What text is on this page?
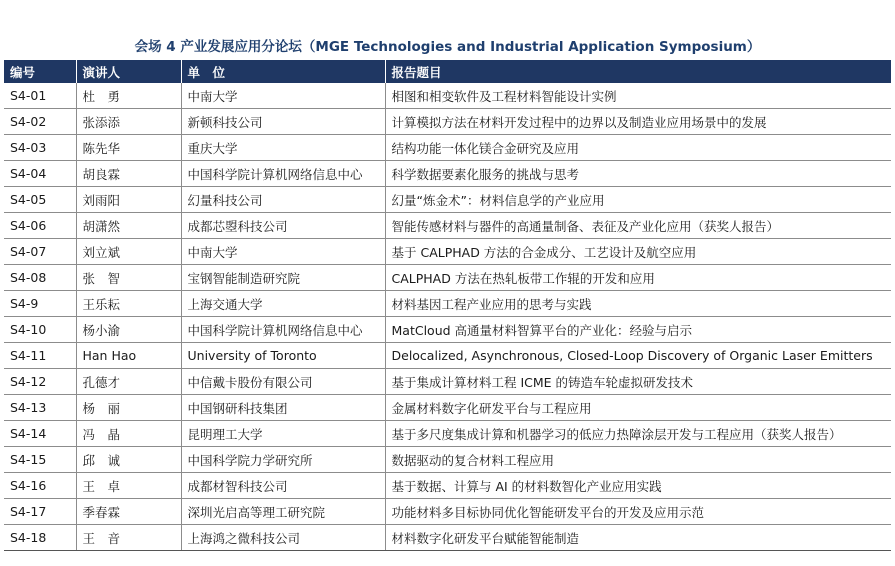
会场 4 产业发展应用分论坛（MGE Technologies and Industrial Application Symposium）
编号	演讲人	单　位	报告题目
S4-01	杜　勇	中南大学	相图和相变软件及工程材料智能设计实例
S4-02	张添添	新顿科技公司	计算模拟方法在材料开发过程中的边界以及制造业应用场景中的发展
S4-03	陈先华	重庆大学	结构功能一体化镁合金研究及应用
S4-04	胡良霖	中国科学院计算机网络信息中心	科学数据要素化服务的挑战与思考
S4-05	刘雨阳	幻量科技公司	幻量“炼金术”：材料信息学的产业应用
S4-06	胡潇然	成都芯曌科技公司	智能传感材料与器件的高通量制备、表征及产业化应用（获奖人报告）
S4-07	刘立斌	中南大学	基于 CALPHAD 方法的合金成分、工艺设计及航空应用
S4-08	张　智	宝钢智能制造研究院	CALPHAD 方法在热轧板带工作辊的开发和应用
S4-9	王乐耘	上海交通大学	材料基因工程产业应用的思考与实践
S4-10	杨小渝	中国科学院计算机网络信息中心	MatCloud 高通量材料智算平台的产业化：经验与启示
S4-11	Han Hao	University of Toronto	Delocalized, Asynchronous, Closed-Loop Discovery of Organic Laser Emitters
S4-12	孔德才	中信戴卡股份有限公司	基于集成计算材料工程 ICME 的铸造车轮虚拟研发技术
S4-13	杨　丽	中国钢研科技集团	金属材料数字化研发平台与工程应用
S4-14	冯　晶	昆明理工大学	基于多尺度集成计算和机器学习的低应力热障涂层开发与工程应用（获奖人报告）
S4-15	邱　诚	中国科学院力学研究所	数据驱动的复合材料工程应用
S4-16	王　卓	成都材智科技公司	基于数据、计算与 AI 的材料数智化产业应用实践
S4-17	季春霖	深圳光启高等理工研究院	功能材料多目标协同优化智能研发平台的开发及应用示范
S4-18	王　音	上海鸿之微科技公司	材料数字化研发平台赋能智能制造
